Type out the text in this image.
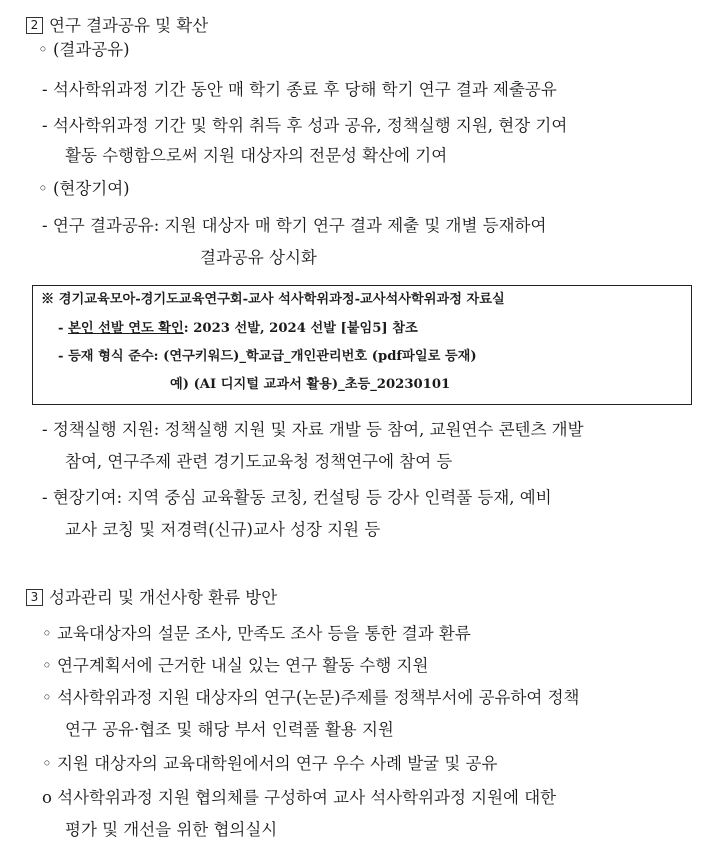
2 연구 결과공유 및 확산
◦ (결과공유)
- 석사학위과정 기간 동안 매 학기 종료 후 당해 학기 연구 결과 제출공유
- 석사학위과정 기간 및 학위 취득 후 성과 공유, 정책실행 지원, 현장 기여
활동 수행함으로써 지원 대상자의 전문성 확산에 기여
◦ (현장기여)
- 연구 결과공유: 지원 대상자 매 학기 연구 결과 제출 및 개별 등재하여
결과공유 상시화
※ 경기교육모아-경기도교육연구회-교사 석사학위과정-교사석사학위과정 자료실
- 본인 선발 연도 확인: 2023 선발, 2024 선발 [붙임5] 참조
- 등재 형식 준수: (연구키워드)_학교급_개인관리번호 (pdf파일로 등재)
예) (AI 디지털 교과서 활용)_초등_20230101
- 정책실행 지원: 정책실행 지원 및 자료 개발 등 참여, 교원연수 콘텐츠 개발
참여, 연구주제 관련 경기도교육청 정책연구에 참여 등
- 현장기여: 지역 중심 교육활동 코칭, 컨설팅 등 강사 인력풀 등재, 예비
교사 코칭 및 저경력(신규)교사 성장 지원 등
3 성과관리 및 개선사항 환류 방안
◦ 교육대상자의 설문 조사, 만족도 조사 등을 통한 결과 환류
◦ 연구계획서에 근거한 내실 있는 연구 활동 수행 지원
◦ 석사학위과정 지원 대상자의 연구(논문)주제를 정책부서에 공유하여 정책
연구 공유·협조 및 해당 부서 인력풀 활용 지원
◦ 지원 대상자의 교육대학원에서의 연구 우수 사례 발굴 및 공유
o 석사학위과정 지원 협의체를 구성하여 교사 석사학위과정 지원에 대한
평가 및 개선을 위한 협의실시
